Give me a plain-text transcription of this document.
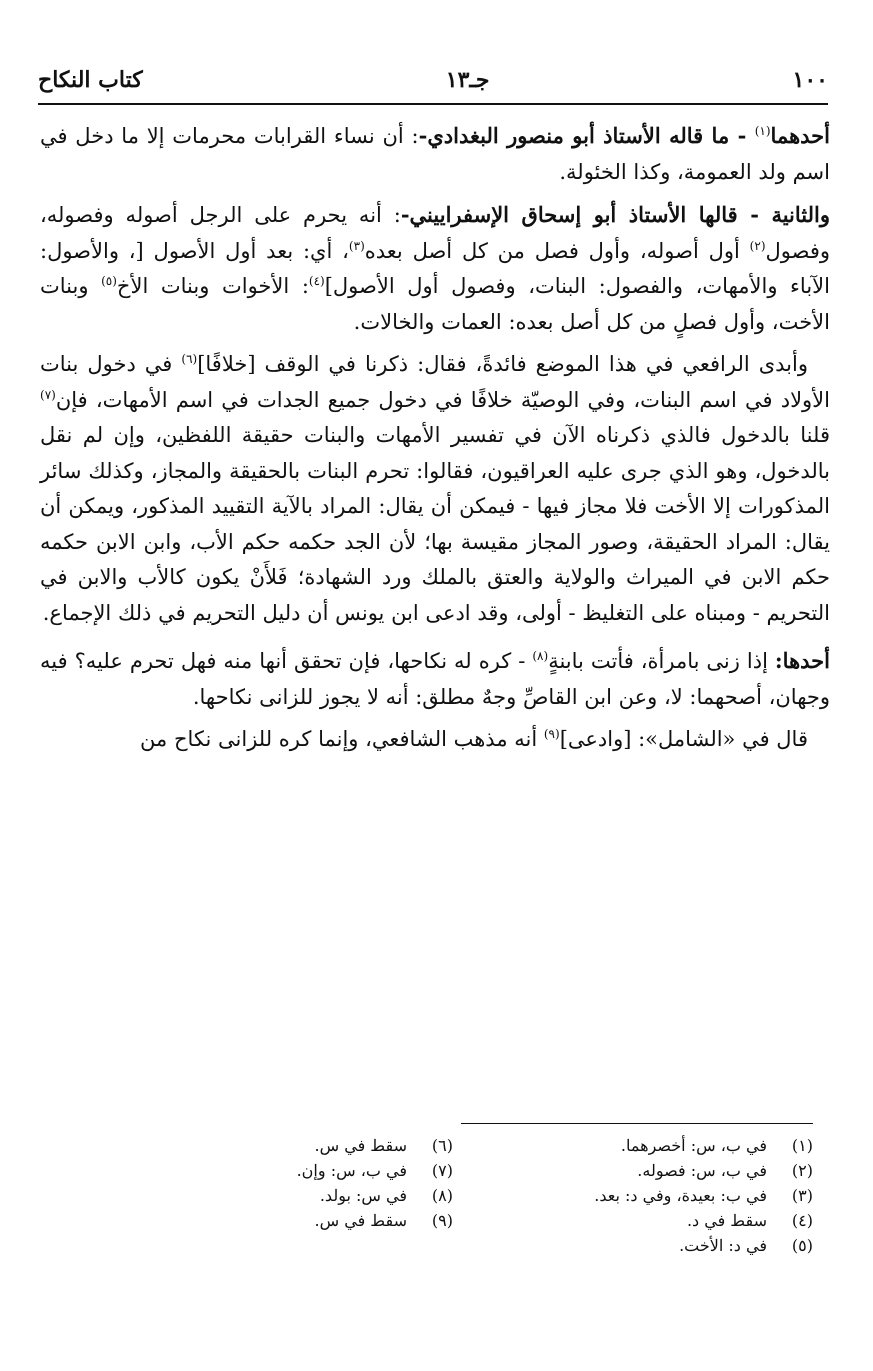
١٠٠
جـ١٣
كتاب النكاح

أحدهما$^{(١)}$ - ما قاله الأستاذ أبو منصور البغدادي-: أن نساء القرابات محرمات إلا ما دخل في اسم ولد العمومة، وكذا الخئولة.

والثانية - قالها الأستاذ أبو إسحاق الإسفراييني-: أنه يحرم على الرجل أصوله وفصوله، وفصول$^{(٢)}$ أول أصوله، وأول فصل من كل أصل بعده$^{(٣)}$، أي: بعد أول الأصول [، والأصول: الآباء والأمهات، والفصول: البنات، وفصول أول الأصول]$^{(٤)}$: الأخوات وبنات الأخ$^{(٥)}$ وبنات الأخت، وأول فصلٍ من كل أصل بعده: العمات والخالات.

وأبدى الرافعي في هذا الموضع فائدةً، فقال: ذكرنا في الوقف [خلافًا]$^{(٦)}$ في دخول بنات الأولاد في اسم البنات، وفي الوصيّة خلافًا في دخول جميع الجدات في اسم الأمهات، فإن$^{(٧)}$ قلنا بالدخول فالذي ذكرناه الآن في تفسير الأمهات والبنات حقيقة اللفظين، وإن لم نقل بالدخول، وهو الذي جرى عليه العراقيون، فقالوا: تحرم البنات بالحقيقة والمجاز، وكذلك سائر المذكورات إلا الأخت فلا مجاز فيها - فيمكن أن يقال: المراد بالآية التقييد المذكور، ويمكن أن يقال: المراد الحقيقة، وصور المجاز مقيسة بها؛ لأن الجد حكمه حكم الأب، وابن الابن حكمه حكم الابن في الميراث والولاية والعتق بالملك ورد الشهادة؛ فَلأَنْ يكون كالأب والابن في التحريم - ومبناه على التغليظ - أولى، وقد ادعى ابن يونس أن دليل التحريم في ذلك الإجماع.

أحدها: إذا زنى بامرأة، فأتت بابنةٍ$^{(٨)}$ - كره له نكاحها، فإن تحقق أنها منه فهل تحرم عليه؟ فيه وجهان، أصحهما: لا، وعن ابن القاصِّ وجهٌ مطلق: أنه لا يجوز للزانى نكاحها.

قال في «الشامل»: [وادعى]$^{(٩)}$ أنه مذهب الشافعي، وإنما كره للزانى نكاح من

(١)
في ب، س: أخصرهما.
(٢)
في ب، س: فصوله.
(٣)
في ب: بعيدة، وفي د: بعد.
(٤)
سقط في د.
(٥)
في د: الأخت.
(٦)
سقط في س.
(٧)
في ب، س: وإن.
(٨)
في س: بولد.
(٩)
سقط في س.
